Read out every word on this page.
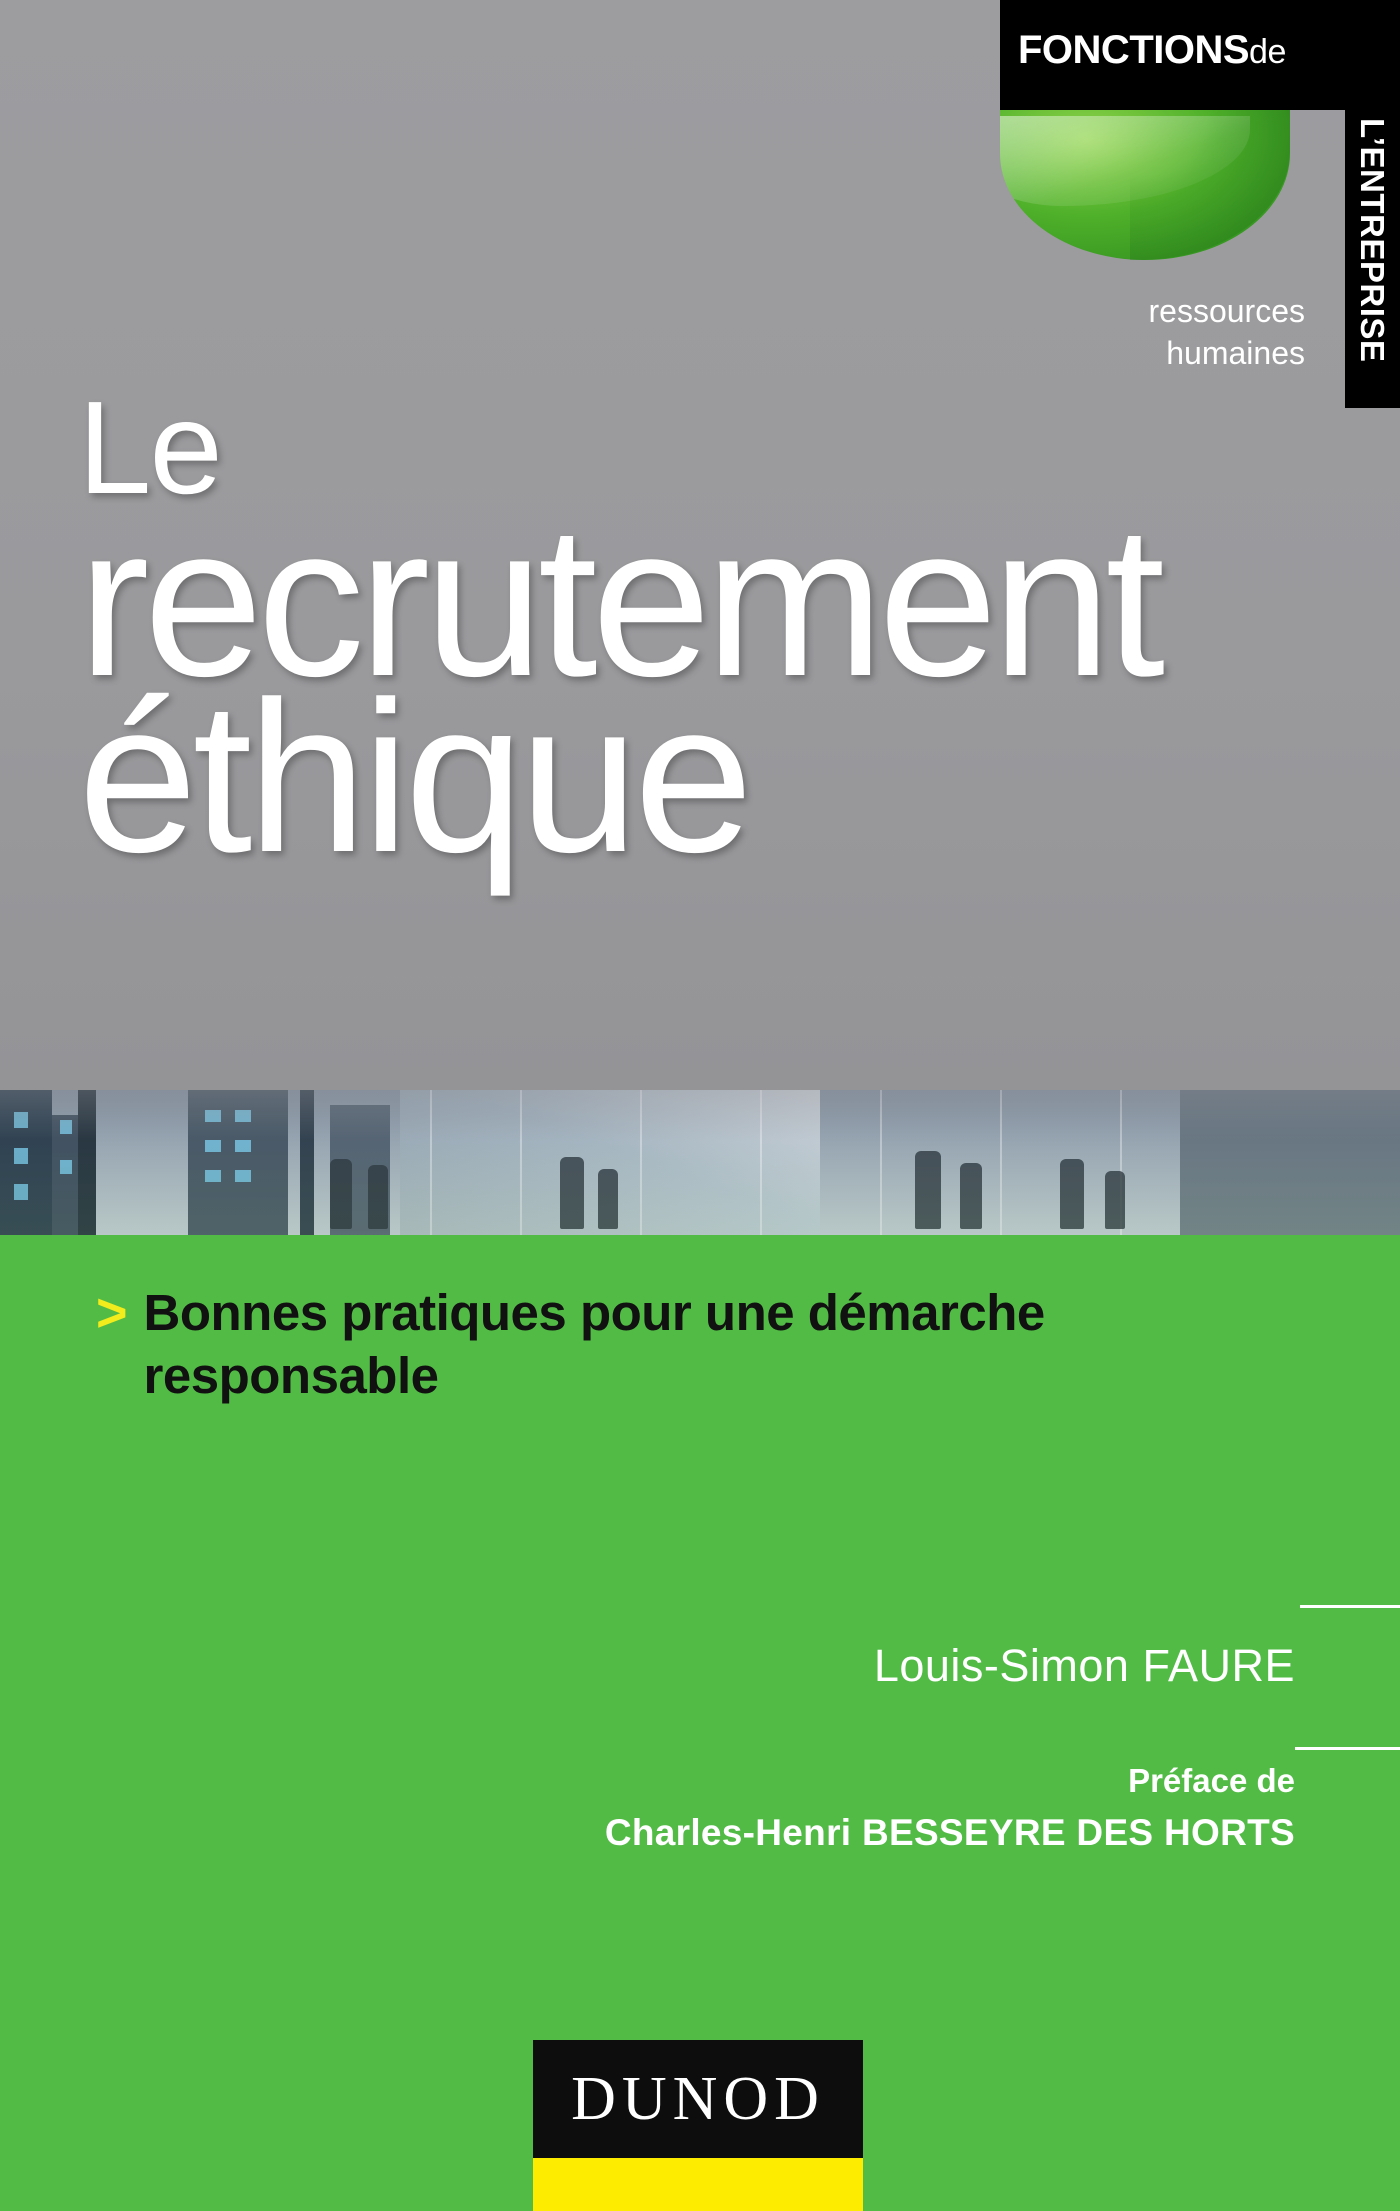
FONCTIONSde
L’ENTREPRISE
ressources
humaines
Le
recrutement
éthique
> Bonnes pratiques pour une démarche responsable
Louis-Simon FAURE
Préface de
Charles-Henri BESSEYRE DES HORTS
DUNOD
